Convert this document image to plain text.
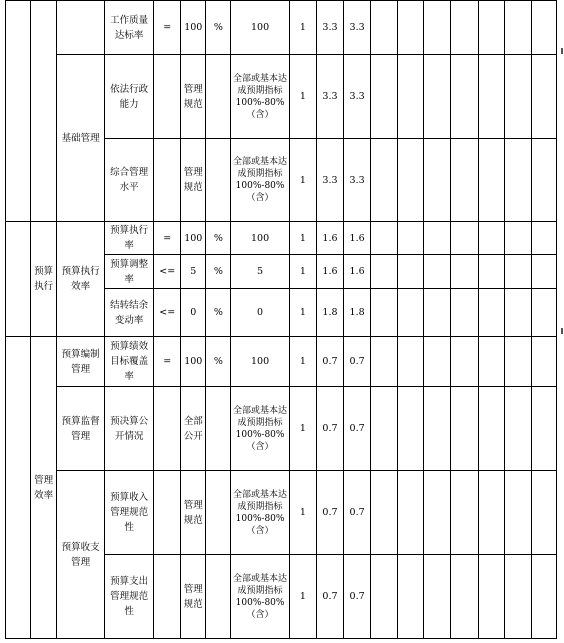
			工作质量达标率	=	100	%	100	1	3.3	3.3							
		基础管理	依法行政能力		管理规范		全部或基本达成预期指标100%-80%（含）	1	3.3	3.3							
			综合管理水平		管理规范		全部或基本达成预期指标100%-80%（含）	1	3.3	3.3							
	预算执行	预算执行效率	预算执行率	=	100	%	100	1	1.6	1.6							
			预算调整率	<=	5	%	5	1	1.6	1.6							
			结转结余变动率	<=	0	%	0	1	1.8	1.8							
	管理效率	预算编制管理	预算绩效目标覆盖率	=	100	%	100	1	0.7	0.7							
		预算监督管理	预决算公开情况		全部公开		全部或基本达成预期指标100%-80%（含）	1	0.7	0.7							
		预算收支管理	预算收入管理规范性		管理规范		全部或基本达成预期指标100%-80%（含）	1	0.7	0.7							
			预算支出管理规范性		管理规范		全部或基本达成预期指标100%-80%（含）	1	0.7	0.7							
